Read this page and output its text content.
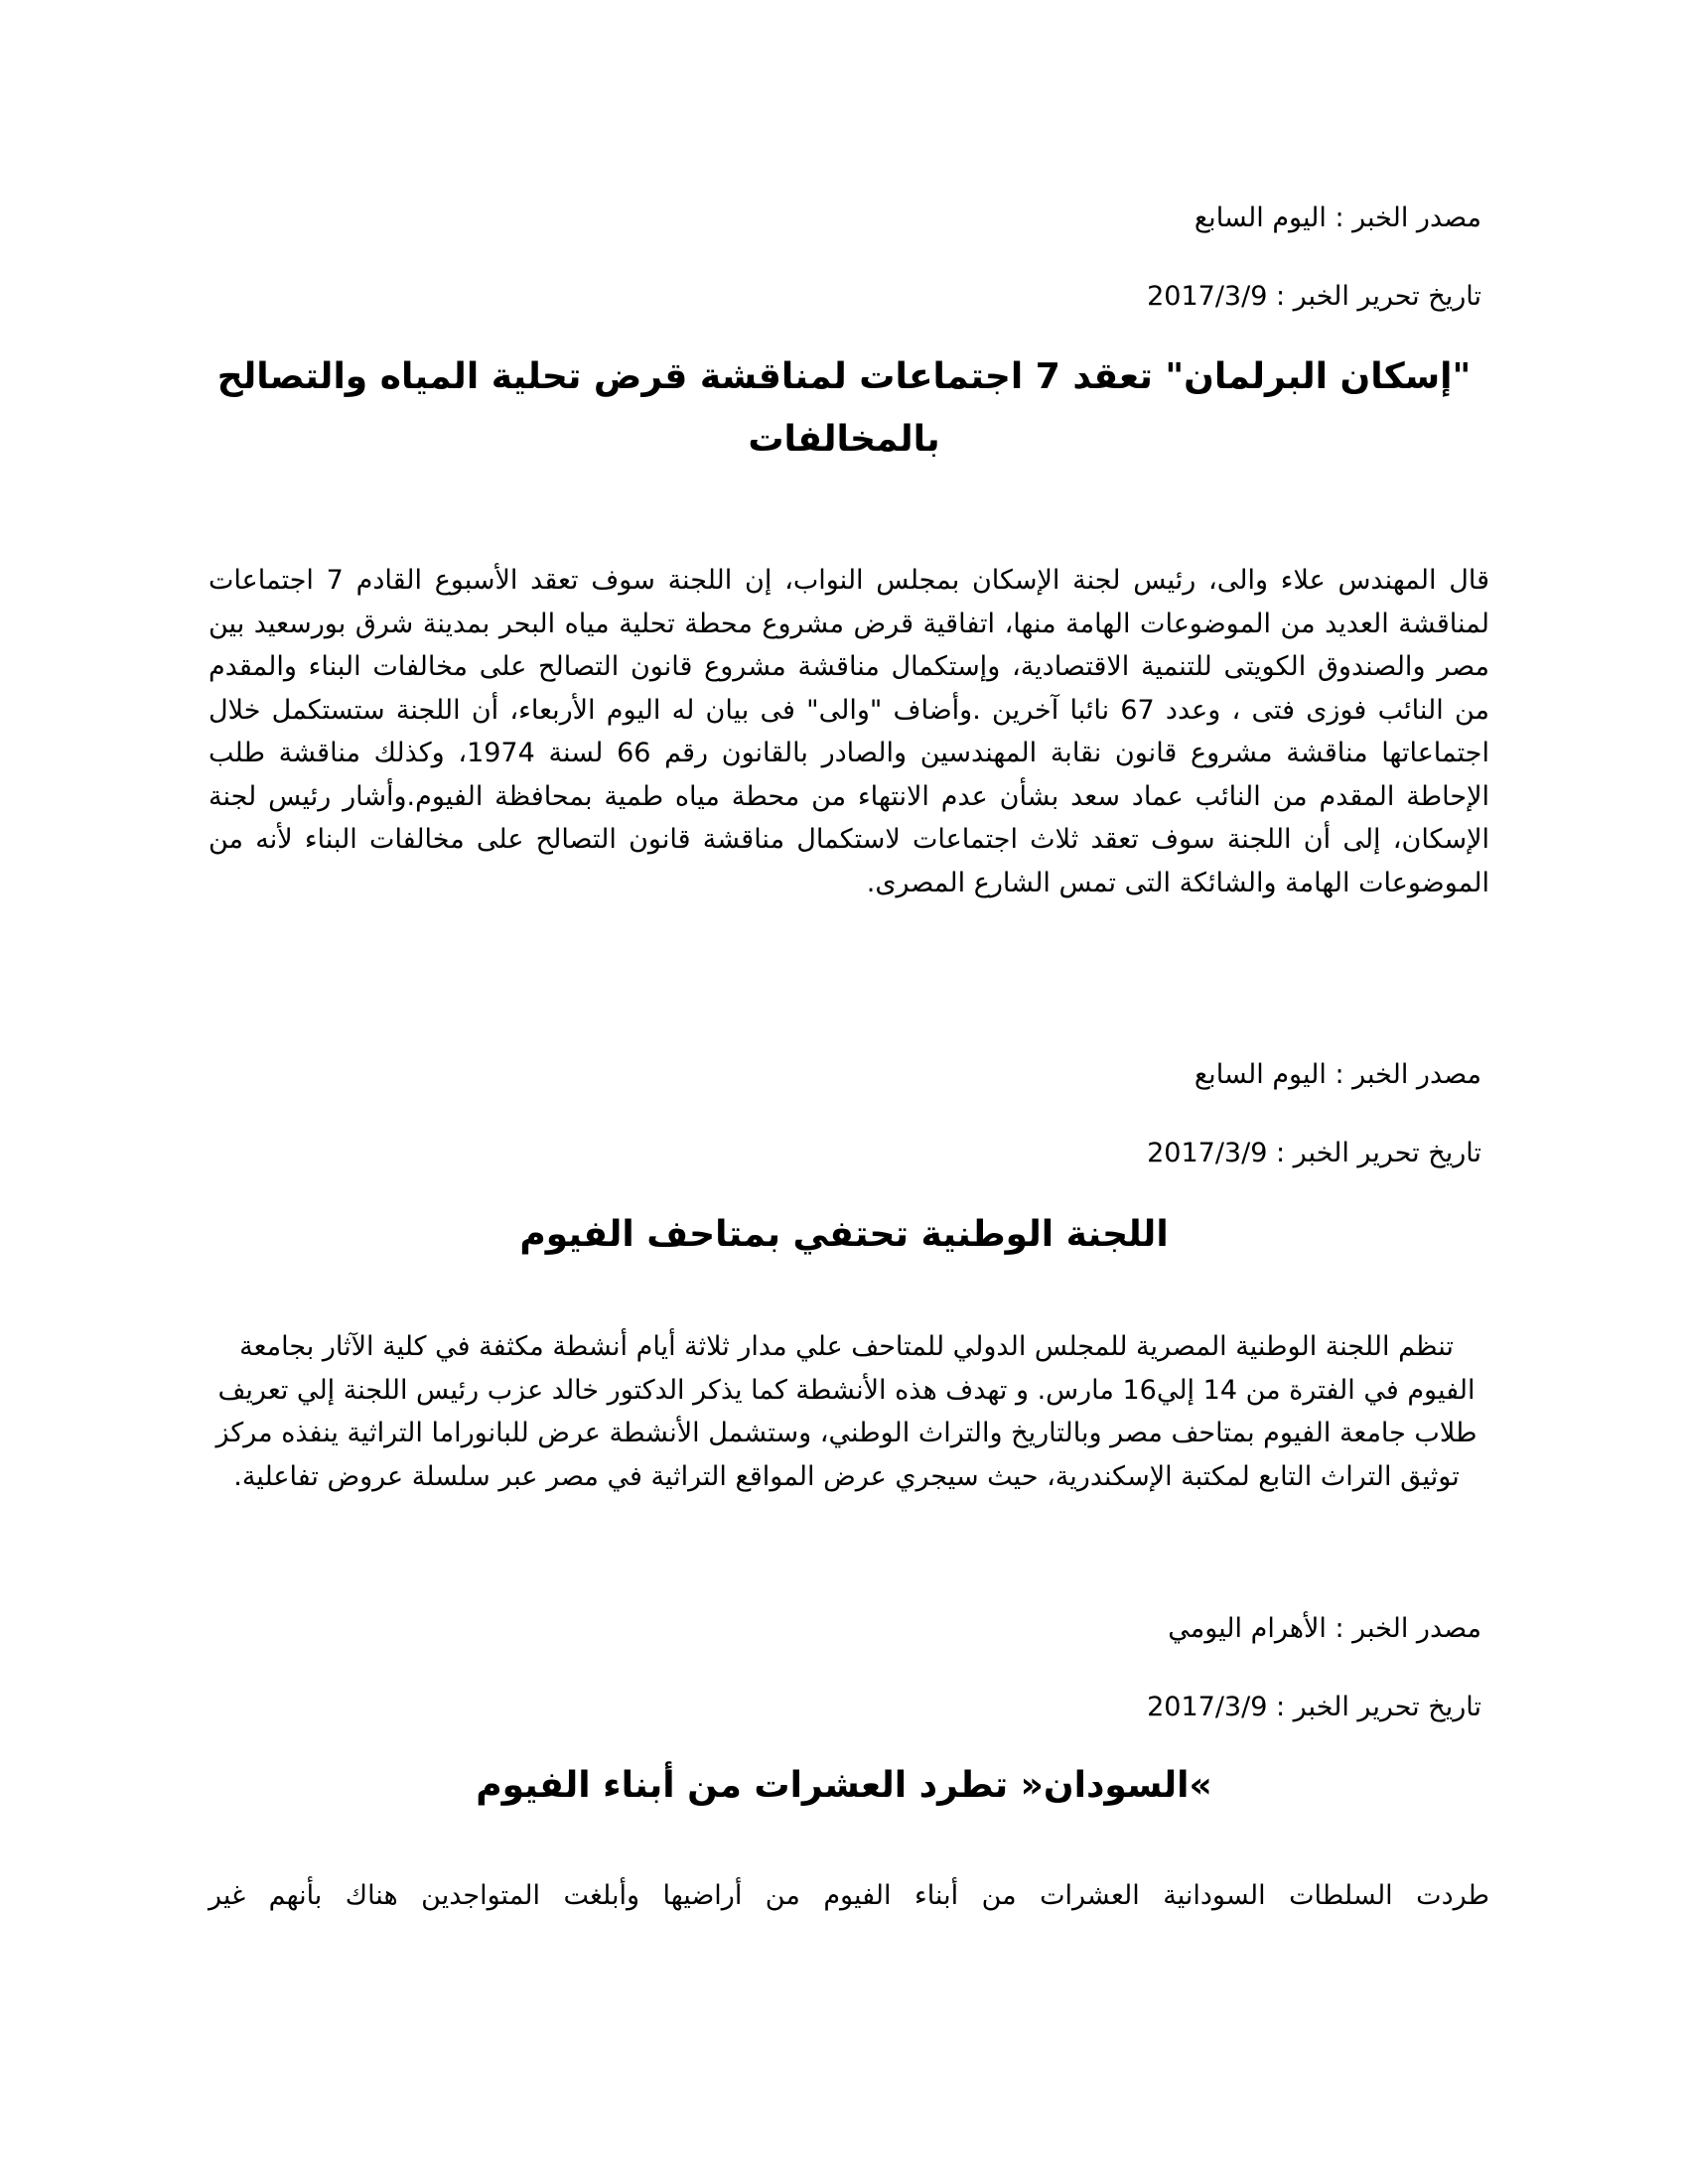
مصدر الخبر : اليوم السابع
تاريخ تحرير الخبر : 2017/3/9
"إسكان البرلمان" تعقد 7 اجتماعات لمناقشة قرض تحلية المياه والتصالح بالمخالفات
قال المهندس علاء والى، رئيس لجنة الإسكان بمجلس النواب، إن اللجنة سوف تعقد الأسبوع القادم 7 اجتماعات لمناقشة العديد من الموضوعات الهامة منها، اتفاقية قرض مشروع محطة تحلية مياه البحر بمدينة شرق بورسعيد بين مصر والصندوق الكويتى للتنمية الاقتصادية، وإستكمال مناقشة مشروع قانون التصالح على مخالفات البناء والمقدم من النائب فوزى فتى ، وعدد 67 نائبا آخرين .وأضاف "والى" فى بيان له اليوم الأربعاء، أن اللجنة ستستكمل خلال اجتماعاتها مناقشة مشروع قانون نقابة المهندسين والصادر بالقانون رقم 66 لسنة 1974، وكذلك مناقشة طلب الإحاطة المقدم من النائب عماد سعد بشأن عدم الانتهاء من محطة مياه طمية بمحافظة الفيوم.وأشار رئيس لجنة الإسكان، إلى أن اللجنة سوف تعقد ثلاث اجتماعات لاستكمال مناقشة قانون التصالح على مخالفات البناء لأنه من الموضوعات الهامة والشائكة التى تمس الشارع المصرى.
مصدر الخبر : اليوم السابع
تاريخ تحرير الخبر : 2017/3/9
اللجنة الوطنية تحتفي بمتاحف الفيوم
تنظم اللجنة الوطنية المصرية للمجلس الدولي للمتاحف علي مدار ثلاثة أيام أنشطة مكثفة في كلية الآثار بجامعة الفيوم في الفترة من 14 إلي16 مارس. و تهدف هذه الأنشطة كما يذكر الدكتور خالد عزب رئيس اللجنة إلي تعريف طلاب جامعة الفيوم بمتاحف مصر وبالتاريخ والتراث الوطني، وستشمل الأنشطة عرض للبانوراما التراثية ينفذه مركز توثيق التراث التابع لمكتبة الإسكندرية، حيث سيجري عرض المواقع التراثية في مصر عبر سلسلة عروض تفاعلية.
مصدر الخبر : الأهرام اليومي
تاريخ تحرير الخبر : 2017/3/9
»السودان« تطرد العشرات من أبناء الفيوم
طردت السلطات السودانية العشرات من أبناء الفيوم من أراضيها وأبلغت المتواجدين هناك بأنهم غير
